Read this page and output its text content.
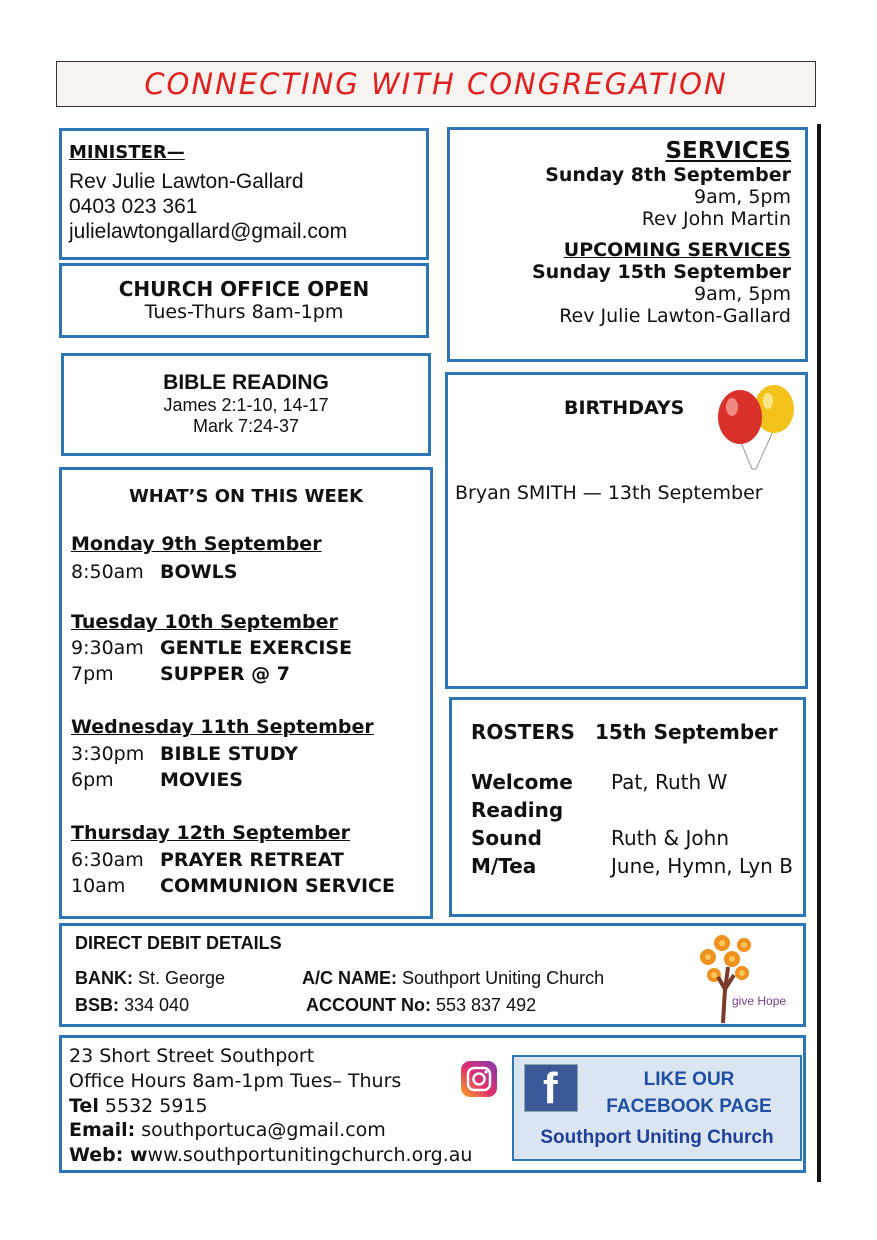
CONNECTING WITH CONGREGATION
MINISTER—
Rev Julie Lawton-Gallard
0403 023 361
julielawtongallard@gmail.com
CHURCH OFFICE OPEN
Tues-Thurs 8am-1pm
BIBLE READING
James 2:1-10, 14-17
Mark 7:24-37
WHAT’S ON THIS WEEK
Monday 9th September
8:50am BOWLS
Tuesday 10th September
9:30am GENTLE EXERCISE
7pm SUPPER @ 7
Wednesday 11th September
3:30pm BIBLE STUDY
6pm MOVIES
Thursday 12th September
6:30am PRAYER RETREAT
10am COMMUNION SERVICE
SERVICES
Sunday 8th September
9am, 5pm
Rev John Martin
UPCOMING SERVICES
Sunday 15th September
9am, 5pm
Rev Julie Lawton-Gallard
BIRTHDAYS
Bryan SMITH — 13th September
ROSTERS 15th September
Welcome Pat, Ruth W
Reading
Sound	Ruth & John
M/Tea	June, Hymn, Lyn B
DIRECT DEBIT DETAILS
BANK: St. George	A/C NAME: Southport Uniting Church
BSB: 334 040	ACCOUNT No: 553 837 492	give Hope
23 Short Street Southport
Office Hours 8am-1pm Tues– Thurs
Tel 5532 5915
Email: southportuca@gmail.com
Web: www.southportunitingchurch.org.au
f	LIKE OUR
FACEBOOK PAGE
Southport Uniting Church
